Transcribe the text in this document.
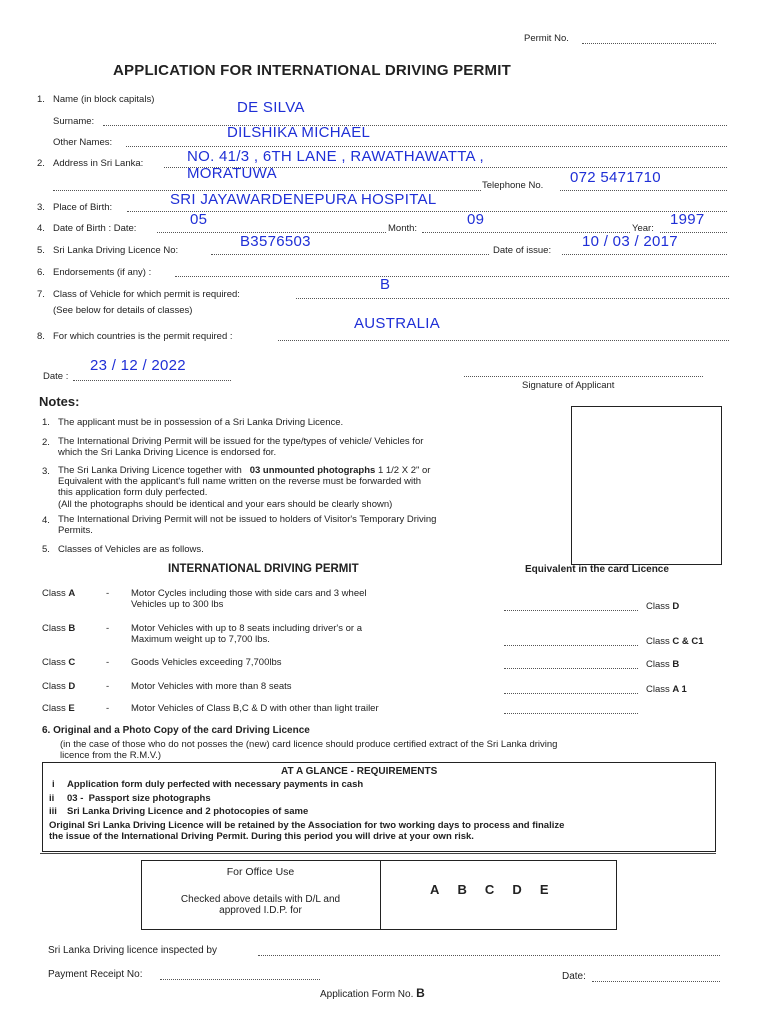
Permit No.
APPLICATION FOR INTERNATIONAL DRIVING PERMIT
1. Name (in block capitals)
Surname:
DE SILVA
Other Names:
DILSHIKA MICHAEL
2. Address in Sri Lanka:	NO. 41/3 , 6TH LANE , RAWATHAWATTA ,
MORATUWA
Telephone No. 072 5471710
3. Place of Birth:	SRI JAYAWARDENEPURA HOSPITAL
4. Date of Birth : Date:
05
Month:
09
Year:
1997
5. Sri Lanka Driving Licence No:
B3576503
Date of issue:
10 / 03 / 2017
6. Endorsements (if any) :
7. Class of Vehicle for which permit is required:
B
(See below for details of classes)
8. For which countries is the permit required :
AUSTRALIA
Date :
23 / 12 / 2022
Signature of Applicant
Notes:
1. The applicant must be in possession of a Sri Lanka Driving Licence.
2. The International Driving Permit will be issued for the type/types of vehicle/ Vehicles for
which the Sri Lanka Driving Licence is endorsed for.
3. The Sri Lanka Driving Licence together with 03 unmounted photographs 1 1/2 X 2" or
Equivalent with the applicant's full name written on the reverse must be forwarded with
this application form duly perfected.
(All the photographs should be identical and your ears should be clearly shown)
4. The International Driving Permit will not be issued to holders of Visitor's Temporary Driving
Permits.
5. Classes of Vehicles are as follows.
INTERNATIONAL DRIVING PERMIT	Equivalent in the card Licence
Class A	- Motor Cycles including those with side cars and 3 wheel
Vehicles up to 300 lbs	Class D
Class B	- Motor Vehicles with up to 8 seats including driver's or a
Maximum weight up to 7,700 lbs.	Class C & C1
Class C	- Goods Vehicles exceeding 7,700lbs	Class B
Class D	- Motor Vehicles with more than 8 seats	Class A 1
Class E	- Motor Vehicles of Class B,C & D with other than light trailer
6. Original and a Photo Copy of the card Driving Licence
(in the case of those who do not posses the (new) card licence should produce certified extract of the Sri Lanka driving
licence from the R.M.V.)
AT A GLANCE - REQUIREMENTS
i Application form duly perfected with necessary payments in cash
ii 03 -  Passport size photographs
iii Sri Lanka Driving Licence and 2 photocopies of same
Original Sri Lanka Driving Licence will be retained by the Association for two working days to process and finalize
the issue of the International Driving Permit. During this period you will drive at your own risk.
For Office Use
Checked above details with D/L and
approved I.D.P. for
A B C D E
Sri Lanka Driving licence inspected by
Payment Receipt No:	Date:
Application Form No. B
